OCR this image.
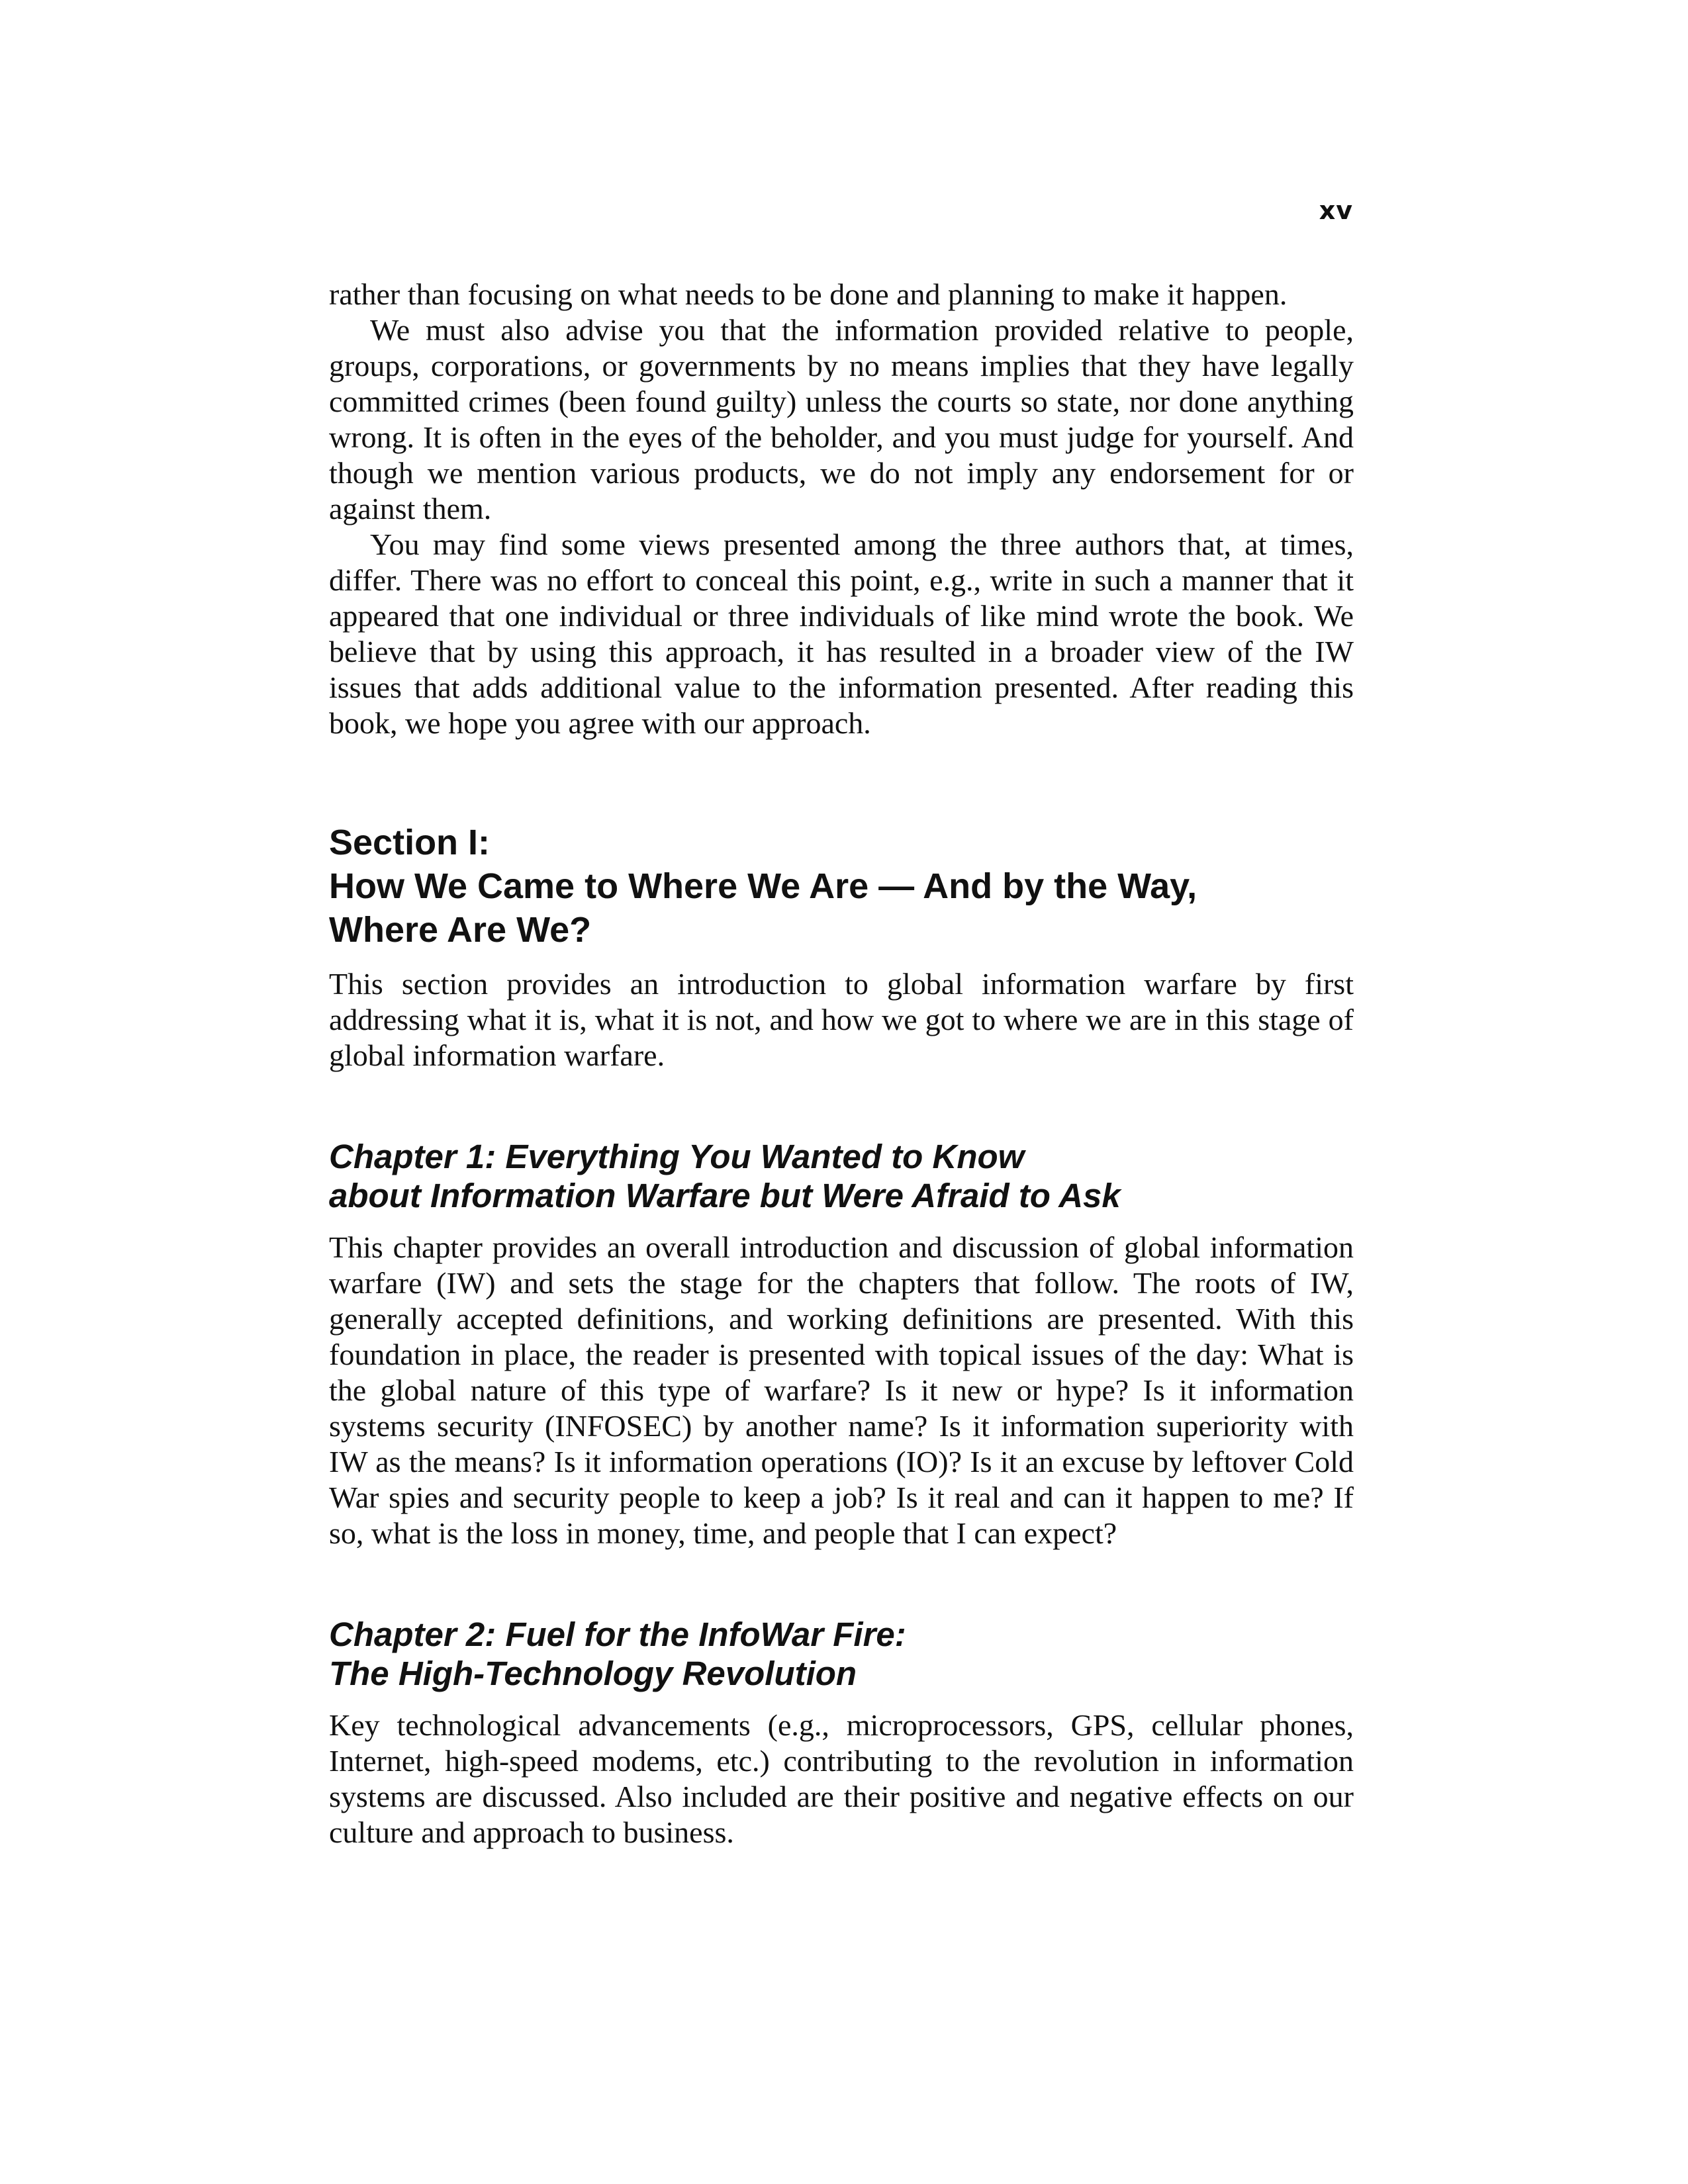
xv

rather than focusing on what needs to be done and planning to make it happen.

We must also advise you that the information provided relative to people, groups, corporations, or governments by no means implies that they have legally committed crimes (been found guilty) unless the courts so state, nor done anything wrong. It is often in the eyes of the beholder, and you must judge for yourself. And though we mention various products, we do not imply any endorsement for or against them.

You may find some views presented among the three authors that, at times, differ. There was no effort to conceal this point, e.g., write in such a manner that it appeared that one individual or three individuals of like mind wrote the book. We believe that by using this approach, it has resulted in a broader view of the IW issues that adds additional value to the information presented. After reading this book, we hope you agree with our approach.

Section I:
How We Came to Where We Are — And by the Way,
Where Are We?

This section provides an introduction to global information warfare by first addressing what it is, what it is not, and how we got to where we are in this stage of global information warfare.

Chapter 1: Everything You Wanted to Know
about Information Warfare but Were Afraid to Ask

This chapter provides an overall introduction and discussion of global information warfare (IW) and sets the stage for the chapters that follow. The roots of IW, generally accepted definitions, and working definitions are presented. With this foundation in place, the reader is presented with topical issues of the day: What is the global nature of this type of warfare? Is it new or hype? Is it information systems security (INFOSEC) by another name? Is it information superiority with IW as the means? Is it information operations (IO)? Is it an excuse by leftover Cold War spies and security people to keep a job? Is it real and can it happen to me? If so, what is the loss in money, time, and people that I can expect?

Chapter 2: Fuel for the InfoWar Fire:
The High-Technology Revolution

Key technological advancements (e.g., microprocessors, GPS, cellular phones, Internet, high-speed modems, etc.) contributing to the revolution in information systems are discussed. Also included are their positive and negative effects on our culture and approach to business.
